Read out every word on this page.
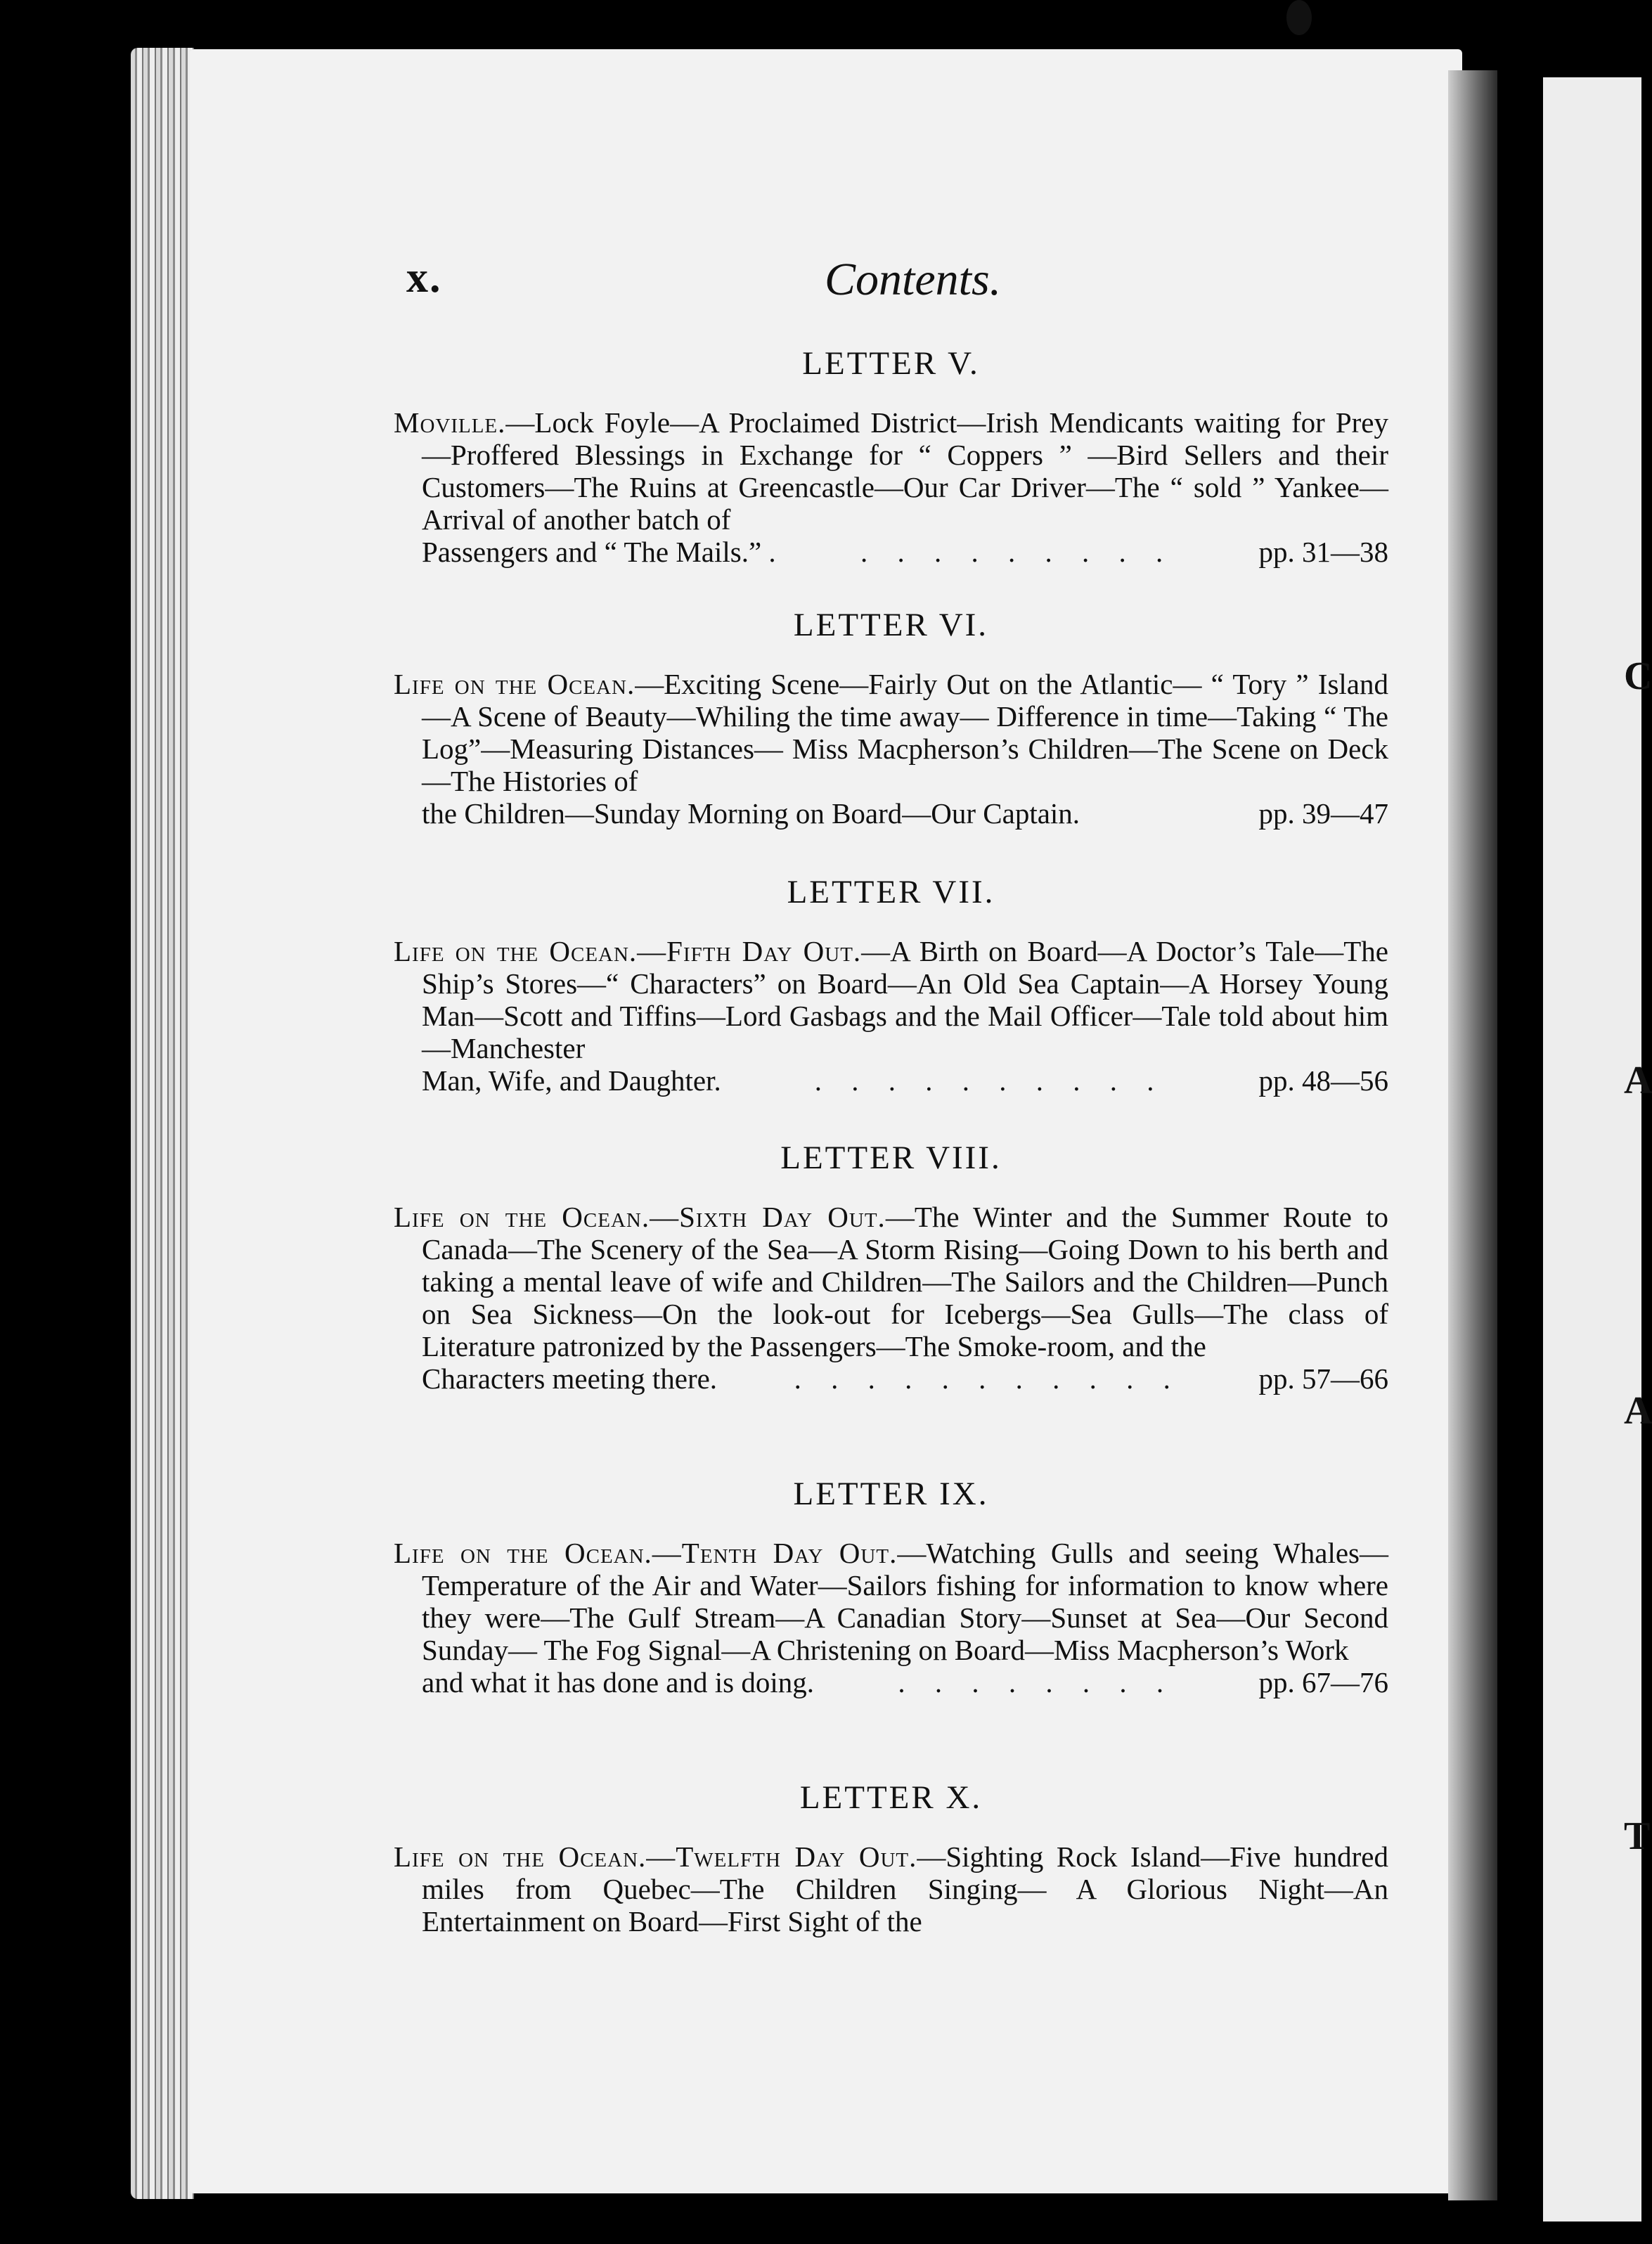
C
A
A
T
x.	Contents.
LETTER V.

Moville.—Lock Foyle—A Proclaimed District—Irish Mendicants waiting for Prey—Proffered Blessings in Exchange for “ Coppers ” —Bird Sellers and their Customers—The Ruins at Greencastle—Our Car Driver—The “ sold ” Yankee—Arrival of another batch of

Passengers and “ The Mails.” .	. . . . . . . . .	pp. 31—38
LETTER VI.

Life on the Ocean.—Exciting Scene—Fairly Out on the Atlantic— “ Tory ” Island—A Scene of Beauty—Whiling the time away— Difference in time—Taking “ The Log”—Measuring Distances— Miss Macpherson’s Children—The Scene on Deck—The Histories of

the Children—Sunday Morning on Board—Our Captain.	pp. 39—47
LETTER VII.

Life on the Ocean.—Fifth Day Out.—A Birth on Board—A Doctor’s Tale—The Ship’s Stores—“ Characters” on Board—An Old Sea Captain—A Horsey Young Man—Scott and Tiffins—Lord Gasbags and the Mail Officer—Tale told about him—Manchester

Man, Wife, and Daughter.	. . . . . . . . . .	pp. 48—56
LETTER VIII.

Life on the Ocean.—Sixth Day Out.—The Winter and the Summer Route to Canada—The Scenery of the Sea—A Storm Rising—Going Down to his berth and taking a mental leave of wife and Children—The Sailors and the Children—Punch on Sea Sickness—On the look-out for Icebergs—Sea Gulls—The class of Literature patronized by the Passengers—The Smoke-room, and the

Characters meeting there.	. . . . . . . . . . .	pp. 57—66
LETTER IX.

Life on the Ocean.—Tenth Day Out.—Watching Gulls and seeing Whales—Temperature of the Air and Water—Sailors fishing for information to know where they were—The Gulf Stream—A Canadian Story—Sunset at Sea—Our Second Sunday— The Fog Signal—A Christening on Board—Miss Macpherson’s Work

and what it has done and is doing.	. . . . . . . .	pp. 67—76
LETTER X.

Life on the Ocean.—Twelfth Day Out.—Sighting Rock Island—Five hundred miles from Quebec—The Children Singing— A Glorious Night—An Entertainment on Board—First Sight of the
